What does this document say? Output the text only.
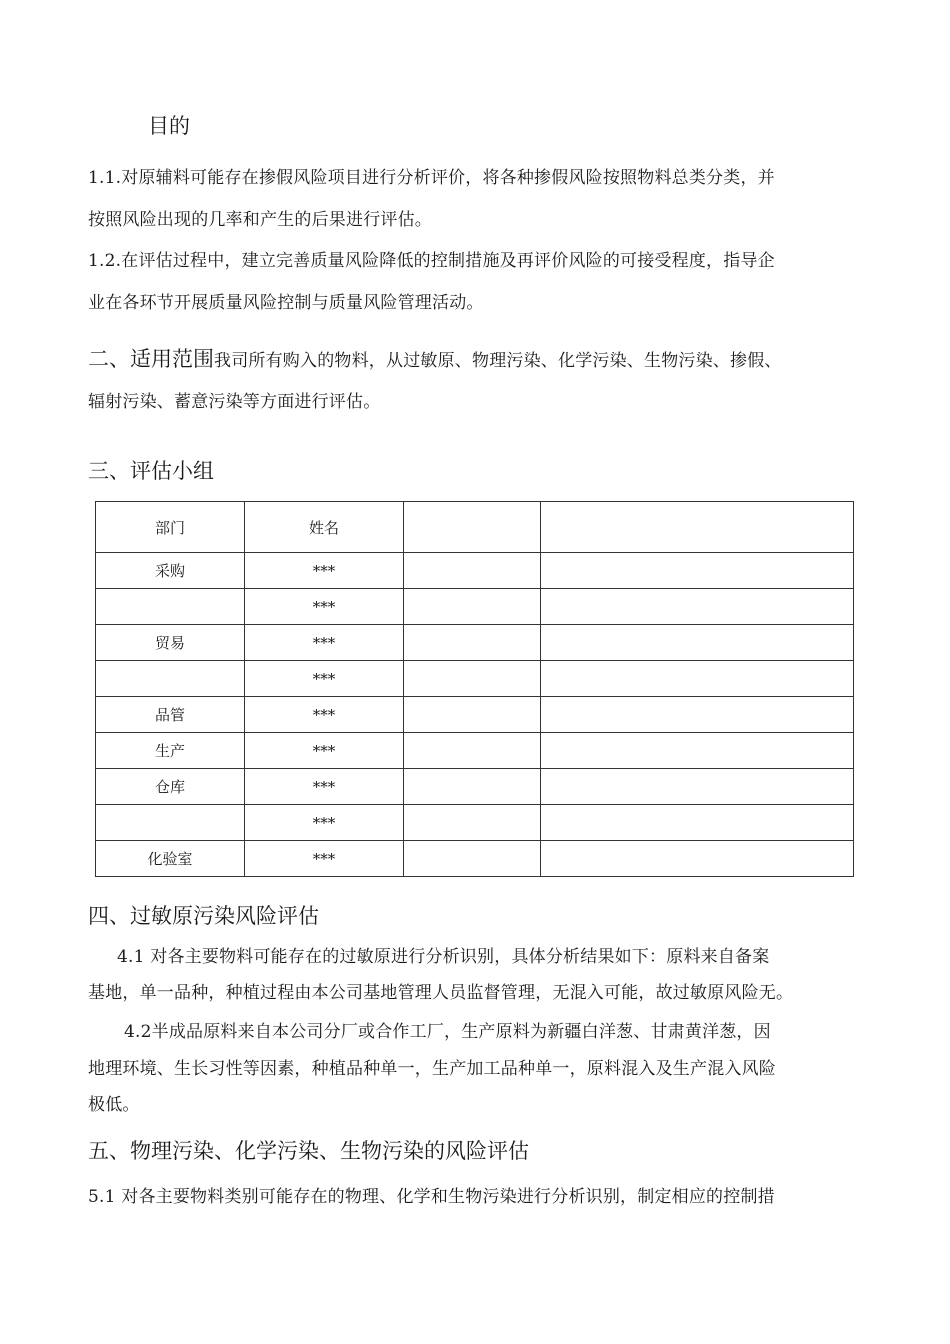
目的
1.1.对原辅料可能存在掺假风险项目进行分析评价，将各种掺假风险按照物料总类分类，并
按照风险出现的几率和产生的后果进行评估。
1.2.在评估过程中，建立完善质量风险降低的控制措施及再评价风险的可接受程度，指导企
业在各环节开展质量风险控制与质量风险管理活动。
二、适用范围我司所有购入的物料，从过敏原、物理污染、化学污染、生物污染、掺假、
辐射污染、蓄意污染等方面进行评估。
三、评估小组
部门	姓名		
采购	***		
	***		
贸易	***		
	***		
品管	***		
生产	***		
仓库	***		
	***		
化验室	***		
四、过敏原污染风险评估
4.1 对各主要物料可能存在的过敏原进行分析识别，具体分析结果如下：原料来自备案
基地，单一品种，种植过程由本公司基地管理人员监督管理，无混入可能，故过敏原风险无。
4.2半成品原料来自本公司分厂或合作工厂，生产原料为新疆白洋葱、甘肃黄洋葱，因
地理环境、生长习性等因素，种植品种单一，生产加工品种单一，原料混入及生产混入风险
极低。
五、物理污染、化学污染、生物污染的风险评估
5.1 对各主要物料类别可能存在的物理、化学和生物污染进行分析识别，制定相应的控制措
